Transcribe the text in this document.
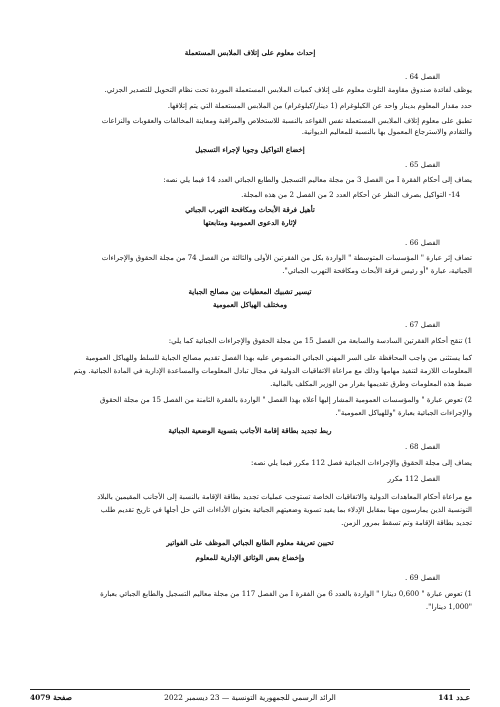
إحداث معلوم على إتلاف الملابس المستعملة
الفصل 64 .
يوظف لفائدة صندوق مقاومة التلوث معلوم على إتلاف كميات الملابس المستعملة الموردة تحت نظام التحويل للتصدير الجزئي.
حدد مقدار المعلوم بدينار واحد عن الكيلوغرام (1 دينار/كيلوغرام) من الملابس المستعملة التي يتم إتلافها.
تطبق على معلوم إتلاف الملابس المستعملة نفس القواعد بالنسبة للاستخلاص والمراقبة ومعاينة المخالفات والعقوبات والنزاعات
والتقادم والاسترجاع المعمول بها بالنسبة للمعاليم الديوانية.
إخضاع التواكيل وجوبا لإجراء التسجيل
الفصل 65 .
يضاف إلى أحكام الفقرة I من الفصل 3 من مجلة معاليم التسجيل والطابع الجبائي العدد 14 فيما يلي نصه:
14- التواكيل بصرف النظر عن أحكام العدد 2 من الفصل 2 من هذه المجلة.
تأهيل فرقة الأبحاث ومكافحة التهرب الجبائي
لإثارة الدعوى العمومية ومتابعتها
الفصل 66 .
تضاف إثر عبارة " المؤسسات المتوسطة " الواردة بكل من الفقرتين الأولى والثالثة من الفصل 74 من مجلة الحقوق والإجراءات
الجبائية، عبارة "أو رئيس فرقة الأبحاث ومكافحة التهرب الجبائي".
تيسير تشبيك المعطيات بين مصالح الجباية
ومختلف الهياكل العمومية
الفصل 67 .
1) تنقح أحكام الفقرتين السادسة والسابعة من الفصل 15 من مجلة الحقوق والإجراءات الجبائية كما يلي:
كما يستثنى من واجب المحافظة على السر المهني الجبائي المنصوص عليه بهذا الفصل تقديم مصالح الجباية للسلط وللهياكل العمومية
المعلومات اللازمة لتنفيذ مهامها وذلك مع مراعاة الاتفاقيات الدولية في مجال تبادل المعلومات والمساعدة الإدارية في المادة الجبائية. ويتم
ضبط هذه المعلومات وطرق تقديمها بقرار من الوزير المكلف بالمالية.
2) تعوض عبارة " والمؤسسات العمومية المشار إليها أعلاه بهذا الفصل " الواردة بالفقرة الثامنة من الفصل 15 من مجلة الحقوق
والإجراءات الجبائية بعبارة "وللهياكل العمومية".
ربط تجديد بطاقة إقامة الأجانب بتسوية الوضعية الجبائية
الفصل 68 .
يضاف إلى مجلة الحقوق والإجراءات الجبائية فصل 112 مكرر فيما يلي نصه:
الفصل 112 مكرر
مع مراعاة أحكام المعاهدات الدولية والاتفاقيات الخاصة تستوجب عمليات تجديد بطاقة الإقامة بالنسبة إلى الأجانب المقيمين بالبلاد
التونسية الذين يمارسون مهنا بمقابل الإدلاء بما يفيد تسوية وضعيتهم الجبائية بعنوان الأداءات التي حل أجلها في تاريخ تقديم طلب
تجديد بطاقة الإقامة وتم تسقط بمرور الزمن.
تحيين تعريفة معلوم الطابع الجبائي الموظف على الفواتير
وإخضاع بعض الوثائق الإدارية للمعلوم
الفصل 69 .
1) تعوض عبارة " 0,600 دينارا " الواردة بالعدد 6 من الفقرة I من الفصل 117 من مجلة معاليم التسجيل والطابع الجبائي بعبارة
"1,000 دينارا".
عـدد 141
الرائد الرسمي للجمهورية التونسية — 23 ديسمبر 2022
صفحة 4079
